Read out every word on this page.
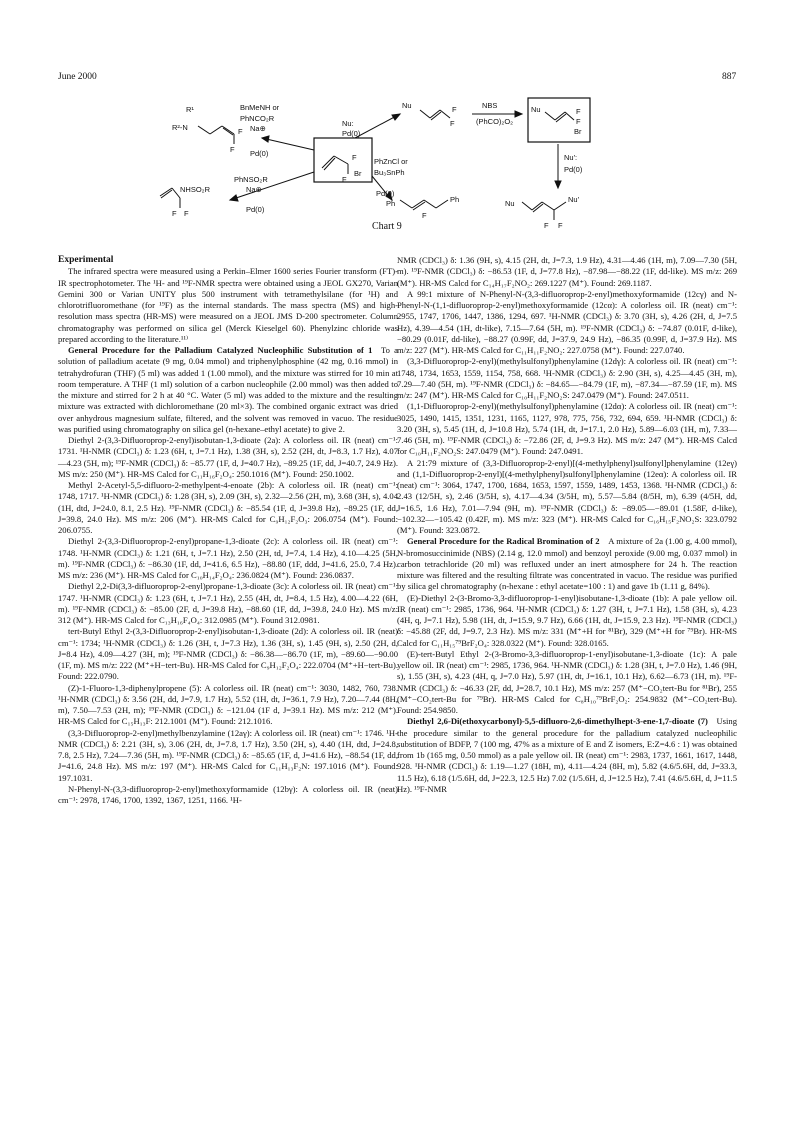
June 2000	887
R¹
R²-N	F
F
BnMeNH or
PhNCO₂R
Na⊕
Pd(0)
PhNSO₂R
Na⊕
Pd(0)
NHSO₂R
F F
F
Br
F
Nu:
Pd(0)
Nu	F
F
NBS
(PhCO)₂O₂
Nu	F
F
Br
Nu':
Pd(0)
Nu	Nu'
F F
PhZnCl or
Bu₃SnPh
Pd(0)
Ph	Ph
F
Chart 9
Experimental

The infrared spectra were measured using a Perkin–Elmer 1600 series Fourier transform (FT)-IR spectrophotometer. The ¹H- and ¹⁹F-NMR spectra were obtained using a JEOL GX270, Varian Gemini 300 or Varian UNITY plus 500 instrument with tetramethylsilane (for ¹H) and chlorotrifluoromethane (for ¹⁹F) as the internal standards. The mass spectra (MS) and high-resolution mass spectra (HR-MS) were measured on a JEOL JMS D-200 spectrometer. Column chromatography was performed on silica gel (Merck Kieselgel 60). Phenylzinc chloride was prepared according to the literature.¹¹⁾

General Procedure for the Palladium Catalyzed Nucleophilic Substitution of 1  To a solution of palladium acetate (9 mg, 0.04 mmol) and triphenylphosphine (42 mg, 0.16 mmol) in tetrahydrofuran (THF) (5 ml) was added 1 (1.00 mmol), and the mixture was stirred for 10 min at room temperature. A THF (1 ml) solution of a carbon nucleophile (2.00 mmol) was then added to the mixture and stirred for 2 h at 40 °C. Water (5 ml) was added to the mixture and the resulting mixture was extracted with dichloromethane (20 ml×3). The combined organic extract was dried over anhydrous magnesium sulfate, filtered, and the solvent was removed in vacuo. The residue was purified using chromatography on silica gel (n-hexane–ethyl acetate) to give 2.

Diethyl 2-(3,3-Difluoroprop-2-enyl)isobutan-1,3-dioate (2a): A colorless oil. IR (neat) cm⁻¹: 1731. ¹H-NMR (CDCl₃) δ: 1.23 (6H, t, J=7.1 Hz), 1.38 (3H, s), 2.52 (2H, dt, J=8.3, 1.7 Hz), 4.07—4.23 (5H, m); ¹⁹F-NMR (CDCl₃) δ: −85.77 (1F, d, J=40.7 Hz), −89.25 (1F, dd, J=40.7, 24.9 Hz). MS m/z: 250 (M⁺). HR-MS Calcd for C₁₁H₁₆F₂O₄: 250.1016 (M⁺). Found: 250.1002.

Methyl 2-Acetyl-5,5-difluoro-2-methylpent-4-enoate (2b): A colorless oil. IR (neat) cm⁻¹: 1748, 1717. ¹H-NMR (CDCl₃) δ: 1.28 (3H, s), 2.09 (3H, s), 2.32—2.56 (2H, m), 3.68 (3H, s), 4.04 (1H, dtd, J=24.0, 8.1, 2.5 Hz). ¹⁹F-NMR (CDCl₃) δ: −85.54 (1F, d, J=39.8 Hz), −89.25 (1F, dd, J=39.8, 24.0 Hz). MS m/z: 206 (M⁺). HR-MS Calcd for C₉H₁₂F₂O₃: 206.0754 (M⁺). Found: 206.0755.

Diethyl 2-(3,3-Difluoroprop-2-enyl)propane-1,3-dioate (2c): A colorless oil. IR (neat) cm⁻¹: 1748. ¹H-NMR (CDCl₃) δ: 1.21 (6H, t, J=7.1 Hz), 2.50 (2H, td, J=7.4, 1.4 Hz), 4.10—4.25 (5H, m). ¹⁹F-NMR (CDCl₃) δ: −86.30 (1F, dd, J=41.6, 6.5 Hz), −88.80 (1F, ddd, J=41.6, 25.0, 7.4 Hz). MS m/z: 236 (M⁺). HR-MS Calcd for C₁₀H₁₄F₂O₄: 236.0824 (M⁺). Found: 236.0837.

Diethyl 2,2-Di(3,3-difluoroprop-2-enyl)propane-1,3-dioate (3c): A colorless oil. IR (neat) cm⁻¹: 1747. ¹H-NMR (CDCl₃) δ: 1.23 (6H, t, J=7.1 Hz), 2.55 (4H, dt, J=8.4, 1.5 Hz), 4.00—4.22 (6H, m). ¹⁹F-NMR (CDCl₃) δ: −85.00 (2F, d, J=39.8 Hz), −88.60 (1F, dd, J=39.8, 24.0 Hz). MS m/z: 312 (M⁺). HR-MS Calcd for C₁₃H₁₆F₄O₄: 312.0985 (M⁺). Found 312.0981.

tert-Butyl Ethyl 2-(3,3-Difluoroprop-2-enyl)isobutan-1,3-dioate (2d): A colorless oil. IR (neat) cm⁻¹: 1734; ¹H-NMR (CDCl₃) δ: 1.26 (3H, t, J=7.3 Hz), 1.36 (3H, s), 1.45 (9H, s), 2.50 (2H, d, J=8.4 Hz), 4.09—4.27 (3H, m); ¹⁹F-NMR (CDCl₃) δ: −86.38—−86.70 (1F, m), −89.60—−90.00 (1F, m). MS m/z: 222 (M⁺+H−tert-Bu). HR-MS Calcd for C₉H₁₂F₂O₄: 222.0704 (M⁺+H−tert-Bu). Found: 222.0790.

(Z)-1-Fluoro-1,3-diphenylpropene (5): A colorless oil. IR (neat) cm⁻¹: 3030, 1482, 760, 738. ¹H-NMR (CDCl₃) δ: 3.56 (2H, dd, J=7.9, 1.7 Hz), 5.52 (1H, dt, J=36.1, 7.9 Hz), 7.20—7.44 (8H, m), 7.50—7.53 (2H, m); ¹⁹F-NMR (CDCl₃) δ: −121.04 (1F d, J=39.1 Hz). MS m/z: 212 (M⁺). HR-MS Calcd for C₁₅H₁₃F: 212.1001 (M⁺). Found: 212.1016.

(3,3-Difluoroprop-2-enyl)methylbenzylamine (12aγ): A colorless oil. IR (neat) cm⁻¹: 1746. ¹H-NMR (CDCl₃) δ: 2.21 (3H, s), 3.06 (2H, dt, J=7.8, 1.7 Hz), 3.50 (2H, s), 4.40 (1H, dtd, J=24.8, 7.8, 2.5 Hz), 7.24—7.36 (5H, m). ¹⁹F-NMR (CDCl₃) δ: −85.65 (1F, d, J=41.6 Hz), −88.54 (1F, dd, J=41.6, 24.8 Hz). MS m/z: 197 (M⁺). HR-MS Calcd for C₁₁H₁₃F₂N: 197.1016 (M⁺). Found: 197.1031.

N-Phenyl-N-(3,3-difluoroprop-2-enyl)methoxyformamide (12bγ): A colorless oil. IR (neat) cm⁻¹: 2978, 1746, 1700, 1392, 1367, 1251, 1166. ¹H-

NMR (CDCl₃) δ: 1.36 (9H, s), 4.15 (2H, dt, J=7.3, 1.9 Hz), 4.31—4.46 (1H, m), 7.09—7.30 (5H, m). ¹⁹F-NMR (CDCl₃) δ: −86.53 (1F, d, J=77.8 Hz), −87.98—−88.22 (1F, dd-like). MS m/z: 269 (M⁺). HR-MS Calcd for C₁₄H₁₇F₂NO₂: 269.1227 (M⁺). Found: 269.1187.

A 99:1 mixture of N-Phenyl-N-(3,3-difluoroprop-2-enyl)methoxyformamide (12cγ) and N-Phenyl-N-(1,1-difluoroprop-2-enyl)methoxyformamide (12cα): A colorless oil. IR (neat) cm⁻¹: 2955, 1747, 1706, 1447, 1386, 1294, 697. ¹H-NMR (CDCl₃) δ: 3.70 (3H, s), 4.26 (2H, d, J=7.5 Hz), 4.39—4.54 (1H, dt-like), 7.15—7.64 (5H, m). ¹⁹F-NMR (CDCl₃) δ: −74.87 (0.01F, d-like), −80.29 (0.01F, dd-like), −88.27 (0.99F, dd, J=37.9, 24.9 Hz), −86.35 (0.99F, d, J=37.9 Hz). MS m/z: 227 (M⁺). HR-MS Calcd for C₁₁H₁₁F₂NO₂: 227.0758 (M⁺). Found: 227.0740.

(3,3-Difluoroprop-2-enyl)(methylsulfonyl)phenylamine (12dγ): A colorless oil. IR (neat) cm⁻¹: 1748, 1734, 1653, 1559, 1154, 758, 668. ¹H-NMR (CDCl₃) δ: 2.90 (3H, s), 4.25—4.45 (3H, m), 7.29—7.40 (5H, m). ¹⁹F-NMR (CDCl₃) δ: −84.65—−84.79 (1F, m), −87.34—−87.59 (1F, m). MS m/z: 247 (M⁺). HR-MS Calcd for C₁₀H₁₁F₂NO₂S: 247.0479 (M⁺). Found: 247.0511.

(1,1-Difluoroprop-2-enyl)(methylsulfonyl)phenylamine (12dα): A colorless oil. IR (neat) cm⁻¹: 3025, 1490, 1415, 1351, 1231, 1165, 1127, 978, 775, 756, 732, 694, 659. ¹H-NMR (CDCl₃) δ: 3.20 (3H, s), 5.45 (1H, d, J=10.8 Hz), 5.74 (1H, dt, J=17.1, 2.0 Hz), 5.89—6.03 (1H, m), 7.33—7.46 (5H, m). ¹⁹F-NMR (CDCl₃) δ: −72.86 (2F, d, J=9.3 Hz). MS m/z: 247 (M⁺). HR-MS Calcd for C₁₀H₁₁F₂NO₂S: 247.0479 (M⁺). Found: 247.0491.

A 21:79 mixture of (3,3-Difluoroprop-2-enyl)[(4-methylphenyl)sulfonyl]phenylamine (12eγ) and (1,1-Difluoroprop-2-enyl)[(4-methylphenyl)sulfonyl]phenylamine (12eα): A colorless oil. IR (neat) cm⁻¹: 3064, 1747, 1700, 1684, 1653, 1597, 1559, 1489, 1453, 1368. ¹H-NMR (CDCl₃) δ: 2.43 (12/5H, s), 2.46 (3/5H, s), 4.17—4.34 (3/5H, m), 5.57—5.84 (8/5H, m), 6.39 (4/5H, dd, J=16.5, 1.6 Hz), 7.01—7.94 (9H, m). ¹⁹F-NMR (CDCl₃) δ: −89.05—−89.01 (1.58F, d-like), −102.32—−105.42 (0.42F, m). MS m/z: 323 (M⁺). HR-MS Calcd for C₁₆H₁₅F₂NO₂S: 323.0792 (M⁺). Found: 323.0872.

General Procedure for the Radical Bromination of 2  A mixture of 2a (1.00 g, 4.00 mmol), N-bromosuccinimide (NBS) (2.14 g, 12.0 mmol) and benzoyl peroxide (9.00 mg, 0.037 mmol) in carbon tetrachloride (20 ml) was refluxed under an inert atmosphere for 24 h. The reaction mixture was filtered and the resulting filtrate was concentrated in vacuo. The residue was purified by silica gel chromatography (n-hexane : ethyl acetate=100 : 1) and gave 1b (1.11 g, 84%).

(E)-Diethyl 2-(3-Bromo-3,3-difluoroprop-1-enyl)isobutane-1,3-dioate (1b): A pale yellow oil. IR (neat) cm⁻¹: 2985, 1736, 964. ¹H-NMR (CDCl₃) δ: 1.27 (3H, t, J=7.1 Hz), 1.58 (3H, s), 4.23 (4H, q, J=7.1 Hz), 5.98 (1H, dt, J=15.9, 9.7 Hz), 6.66 (1H, dt, J=15.9, 2.3 Hz). ¹⁹F-NMR (CDCl₃) δ: −45.88 (2F, dd, J=9.7, 2.3 Hz). MS m/z: 331 (M⁺+H for ⁸¹Br), 329 (M⁺+H for ⁷⁹Br). HR-MS Calcd for C₁₁H₁₅⁷⁹BrF₂O₄: 328.0322 (M⁺). Found: 328.0165.

(E)-tert-Butyl Ethyl 2-(3-Bromo-3,3-difluoroprop-1-enyl)isobutane-1,3-dioate (1c): A pale yellow oil. IR (neat) cm⁻¹: 2985, 1736, 964. ¹H-NMR (CDCl₃) δ: 1.28 (3H, t, J=7.0 Hz), 1.46 (9H, s), 1.55 (3H, s), 4.23 (4H, q, J=7.0 Hz), 5.97 (1H, dt, J=16.1, 10.1 Hz), 6.62—6.73 (1H, m). ¹⁹F-NMR (CDCl₃) δ: −46.33 (2F, dd, J=28.7, 10.1 Hz), MS m/z: 257 (M⁺−CO₂tert-Bu for ⁸¹Br), 255 (M⁺−CO₂tert-Bu for ⁷⁹Br). HR-MS Calcd for C₈H₁₀⁷⁹BrF₂O₂: 254.9832 (M⁺−CO₂tert-Bu). Found: 254.9850.

Diethyl 2,6-Di(ethoxycarbonyl)-5,5-difluoro-2,6-dimethylhept-3-ene-1,7-dioate (7)  Using the procedure similar to the general procedure for the palladium catalyzed nucleophilic substitution of BDFP, 7 (100 mg, 47% as a mixture of E and Z isomers, E:Z=4.6 : 1) was obtained from 1b (165 mg, 0.50 mmol) as a pale yellow oil. IR (neat) cm⁻¹: 2983, 1737, 1661, 1617, 1448, 928. ¹H-NMR (CDCl₃) δ: 1.19—1.27 (18H, m), 4.11—4.24 (8H, m), 5.82 (4.6/5.6H, dd, J=33.3, 11.5 Hz), 6.18 (1/5.6H, dd, J=22.3, 12.5 Hz) 7.02 (1/5.6H, d, J=12.5 Hz), 7.41 (4.6/5.6H, d, J=11.5 Hz). ¹⁹F-NMR
